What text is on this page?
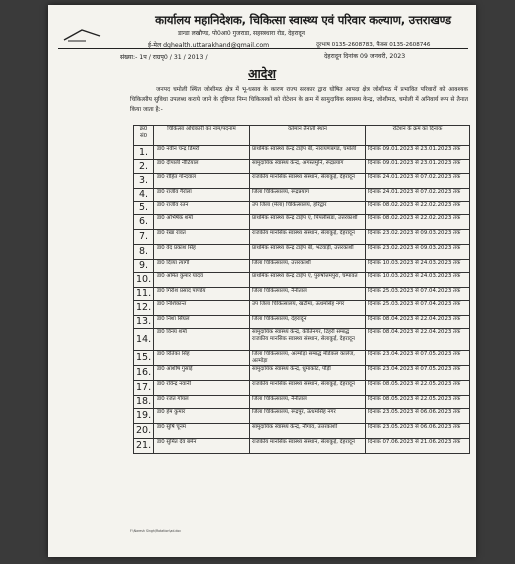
कार्यालय महानिदेशक, चिकित्सा स्वास्थ्य एवं परिवार कल्याण, उत्तराखण्ड
डान्डा लखौण्ड, पो0आ0 गुजराडा, सहस्त्रधारा रोड, देहरादून
ई-मेल dghealth.uttarakhand@gmail.com	दूरभाष 0135-2608783, फैक्स 0135-2608746
संख्या:- 1प / राग्रपृ0 / 31 / 2013 /	देहरादून दिनांक 09 जनवरी, 2023
आदेश
जनपद चमोली स्थित जोशीमठ क्षेत्र में भू-धसाव के कारण राज्य सरकार द्वारा घोषित आपदा क्षेत्र जोशीमठ में प्रभावित परिवारों को आवश्यक चिकित्सीय सुविधा उपलब्ध कराये जाने के दृष्टिगत निम्न चिकित्सकों को रोटेशन के क्रम में सामुदायिक स्वास्थ्य केन्द्र, जोशीमठ, चमोली में अनिवार्य रूप से तैनात किया जाता है:-
क्र0 सं0	चिकित्सा अधिकारी का नाम/पदनाम	वर्तमान तैनाती स्थान	रोटेशन के क्रम का दिनांक
1.	डा0 नवीन चन्द्र डिमरी	प्राथमिक स्वास्थ्य केन्द्र टाईप बी, नारायणबगड, चमोली	दिनांक 09.01.2023 से 23.01.2023 तक
2.	डा0 दीपाली नौटियाल	सामुदायिक स्वास्थ्य केन्द्र, अगस्तमुनि, रूद्रप्रयाग	दिनांक 09.01.2023 से 23.01.2023 तक
3.	डा0 रोहित गोन्दवाल	राजकीय मानसिक स्वास्थ्य संस्थान, सेलाकुई, देहरादून	दिनांक 24.01.2023 से 07.02.2023 तक
4.	डा0 राजीव गैरोला	जिला चिकित्सालय, रूद्रप्रयाग	दिनांक 24.01.2023 से 07.02.2023 तक
5.	डा0 राजीव रतन	उप जिला (मेला) चिकित्सालय, हरिद्वार	दिनांक 08.02.2023 से 22.02.2023 तक
6.	डा0 अभिषेक शर्मा	प्राथमिक स्वास्थ्य केन्द्र टाईप ए, पिपलीसंडा, उत्तरकाशी	दिनांक 08.02.2023 से 22.02.2023 तक
7.	डा0 रेखा रावत	राजकीय मानसिक स्वास्थ्य संस्थान, सेलाकुई, देहरादून	दिनांक 23.02.2023 से 09.03.2023 तक
8.	डा0 वेद प्रकाश सिंह	प्राथमिक स्वास्थ्य केन्द्र टाईप बी, भटवाड़ी, उत्तरकाशी	दिनांक 23.02.2023 से 09.03.2023 तक
9.	डा0 दिव्या त्यागी	जिला चिकित्सालय, उत्तरकाशी	दिनांक 10.03.2023 से 24.03.2023 तक
10.	डा0 अमित कुमार यादव	प्राथमिक स्वास्थ्य केन्द्र टाईप ए, पुरुषोत्तमपुरा, चम्पावत	दिनांक 10.03.2023 से 24.03.2023 तक
11.	डा0 गिरीश प्रसाद पाण्डेय	जिला चिकित्सालय, नैनीताल	दिनांक 25.03.2023 से 07.04.2023 तक
12.	डा0 निशिकान्त	उप जिला चिकित्सालय, खटीमा, ऊधमसिंह नगर	दिनांक 25.03.2023 से 07.04.2023 तक
13.	डा0 निशा सिंघल	जिला चिकित्सालय, देहरादून	दिनांक 08.04.2023 से 22.04.2023 तक
14.	डा0 विनय शर्मा	सामुदायिक स्वास्थ्य केन्द्र, कीर्तिनगर, टिहरी सम्बद्ध राजकीय मानसिक स्वास्थ्य संस्थान, सेलाकुई, देहरादून	दिनांक 08.04.2023 से 22.04.2023 तक
15.	डा0 रितिका सिंह	जिला चिकित्सालय, अल्मोड़ा सम्बद्ध मेडिकल कालेज, अल्मोड़ा	दिनांक 23.04.2023 से 07.05.2023 तक
16.	डा0 आशीष गुसांई	सामुदायिक स्वास्थ्य केन्द्र, धुमाकोट, पौड़ी	दिनांक 23.04.2023 से 07.05.2023 तक
17.	डा0 रविन्द्र नवानी	राजकीय मानसिक स्वास्थ्य संस्थान, सेलाकुई, देहरादून	दिनांक 08.05.2023 से 22.05.2023 तक
18.	डा0 रजत गोयल	जिला चिकित्सालय, नैनीताल	दिनांक 08.05.2023 से 22.05.2023 तक
19.	डा0 हेम कुमार	जिला चिकित्सालय, रूद्रपुर, ऊधमसिंह नगर	दिनांक 23.05.2023 से 06.06.2023 तक
20.	डा0 सुषि चूनम	सामुदायिक स्वास्थ्य केन्द्र, नौगांव, उत्तरकाशी	दिनांक 23.05.2023 से 06.06.2023 तक
21.	डा0 सुमित देव बर्मन	राजकीय मानसिक स्वास्थ्य संस्थान, सेलाकुई, देहरादून	दिनांक 07.06.2023 से 21.06.2023 तक
F:\Naresh Singh\Rotation\ad.doc
